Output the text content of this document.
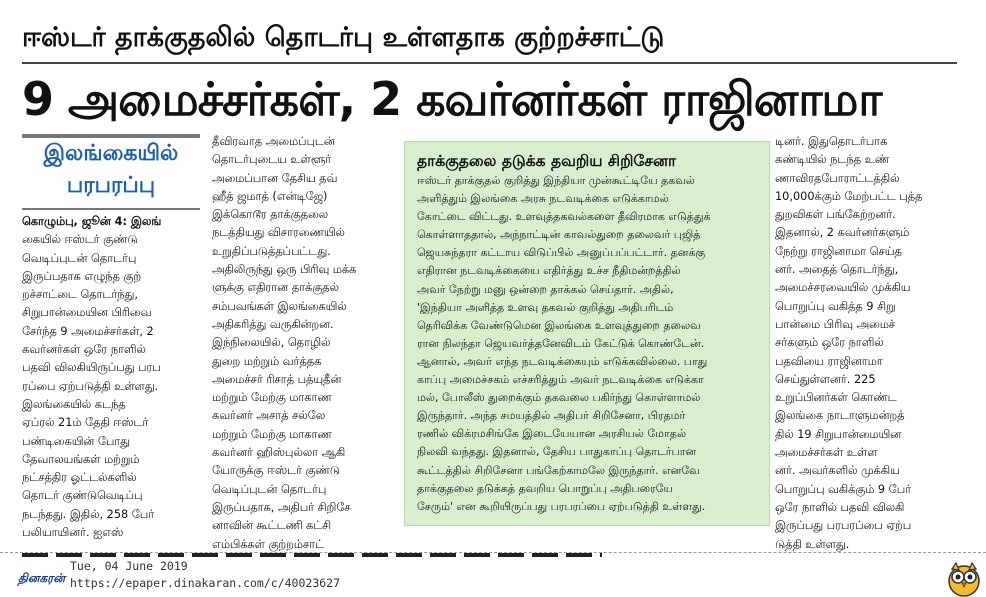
ஈஸ்டர் தாக்குதலில் தொடர்பு உள்ளதாக குற்றச்சாட்டு
9 அமைச்சர்கள், 2 கவர்னர்கள் ராஜினாமா
இலங்கையில்
பரபரப்பு

கொழும்பு, ஜூன் 4: இலங்

கையில் ஈஸ்டர் குண்டு

வெடிப்புடன் தொடர்பு

இருப்பதாக எழுந்த குற்

றச்சாட்டை தொடர்ந்து,

சிறுபான்மையின பிரிவை

சேர்ந்த 9 அமைச்சர்கள், 2

கவர்னர்கள் ஒரே நாளில்

பதவி விலகியிருப்பது பரப

ரப்பை ஏற்படுத்தி உள்ளது.

இலங்கையில் கடந்த

ஏப்ரல் 21ம் தேதி ஈஸ்டர்

பண்டிகையின் போது

தேவாலயங்கள் மற்றும்

நட்சத்திர ஓட்டல்களில்

தொடர் குண்டுவெடிப்பு

நடந்தது. இதில், 258 பேர்

பலியாயினர். ஐஎஸ்

தீவிரவாத அமைப்புடன்

தொடர்புடைய உள்ளூர்

அமைப்பான தேசிய தவ்

ஹீத் ஜமாத் (என்டிஜே)

இக்கொடூர தாக்குதலை

நடத்தியது விசாரணையில்

உறுதிப்படுத்தப்பட்டது.

அதிலிருந்து ஒரு பிரிவு மக்க

ளுக்கு எதிரான தாக்குதல்

சம்பவங்கள் இலங்கையில்

அதிகரித்து வருகின்றன.

இந்நிலையில், தொழில்

துறை மற்றும் வர்த்தக

அமைச்சர் ரிசாத் பத்யுதீன்

மற்றும் மேற்கு மாகாண

கவர்னர் அசாத் சல்லே

மற்றும் மேற்கு மாகாண

கவர்னர் ஹிஸ்புல்லா ஆகி

யோருக்கு ஈஸ்டர் குண்டு

வெடிப்புடன் தொடர்பு

இருப்பதாக, அதிபர் சிறிசே

னாவின் கூட்டணி கட்சி

எம்பிக்கள் குற்றம்சாட்

தாக்குதலை தடுக்க தவறிய சிறிசேனா

ஈஸ்டர் தாக்குதல் குறித்து இந்தியா முன்கூட்டியே தகவல்

அளித்தும் இலங்கை அரசு நடவடிக்கை எடுக்காமல்

கோட்டை விட்டது. உளவுத்தகவல்களை தீவிரமாக எடுத்துக்

கொள்ளாததால், அந்நாட்டின் காவல்துறை தலைவர் புஜித்

ஜெயசுந்தரா கட்டாய விடுப்பில் அனுப்பப்பட்டார். தனக்கு

எதிரான நடவடிக்கையை எதிர்த்து உச்ச நீதிமன்றத்தில்

அவர் நேற்று மனு ஒன்றை தாக்கல் செய்தார். அதில்,

'இந்தியா அளித்த உளவு தகவல் குறித்து அதிபரிடம்

தெரிவிக்க வேண்டுமென இலங்கை உளவுத்துறை தலைவ

ரான நிலந்தா ஜெயவர்த்தனேவிடம் கேட்டுக் கொண்டேன்.

ஆனால், அவர் எந்த நடவடிக்கையும் எடுக்கவில்லை. பாது

காப்பு அமைச்சகம் எச்சரித்தும் அவர் நடவடிக்கை எடுக்கா

மல், போலீஸ் துறைக்கும் தகவலை பகிர்ந்து கொள்ளாமல்

இருந்தார். அந்த சமயத்தில் அதிபர் சிறிசேனா, பிரதமர்

ரணில் விக்ரமசிங்கே இடையேயான அரசியல் மோதல்

நிலவி வந்தது. இதனால், தேசிய பாதுகாப்பு தொடர்பான

கூட்டத்தில் சிறிசேனா பங்கேற்காமலே இருந்தார். எனவே

தாக்குதலை தடுக்கத் தவறிய பொறுப்பு அதிபரையே

சேரும்' என கூறியிருப்பது பரபரப்பை ஏற்படுத்தி உள்ளது.

டினர். இதுதொடர்பாக

கண்டியில் நடந்த உண்

ணாவிரதபோராட்டத்தில்

10,000க்கும் மேற்பட்ட புத்த

துறவிகள் பங்கேற்றனர்.

இதனால், 2 கவர்னர்களும்

நேற்று ராஜினாமா செய்த

னர். அதைத் தொடர்ந்து,

அமைச்சரவையில் முக்கிய

பொறுப்பு வகித்த 9 சிறு

பான்மை பிரிவு அமைச்

சர்களும் ஒரே நாளில்

பதவியை ராஜினாமா

செய்துள்ளனர். 225

உறுப்பினர்கள் கொண்ட

இலங்கை நாடாளுமன்றத்

தில் 19 சிறுபான்மையின

அமைச்சர்கள் உள்ள

னர். அவர்களில் முக்கிய

பொறுப்பு வகிக்கும் 9 பேர்

ஒரே நாளில் பதவி விலகி

இருப்பது பரபரப்பை ஏற்ப

டுத்தி உள்ளது.

தினகரன்
Tue, 04 June 2019
https://epaper.dinakaran.com/c/40023627
